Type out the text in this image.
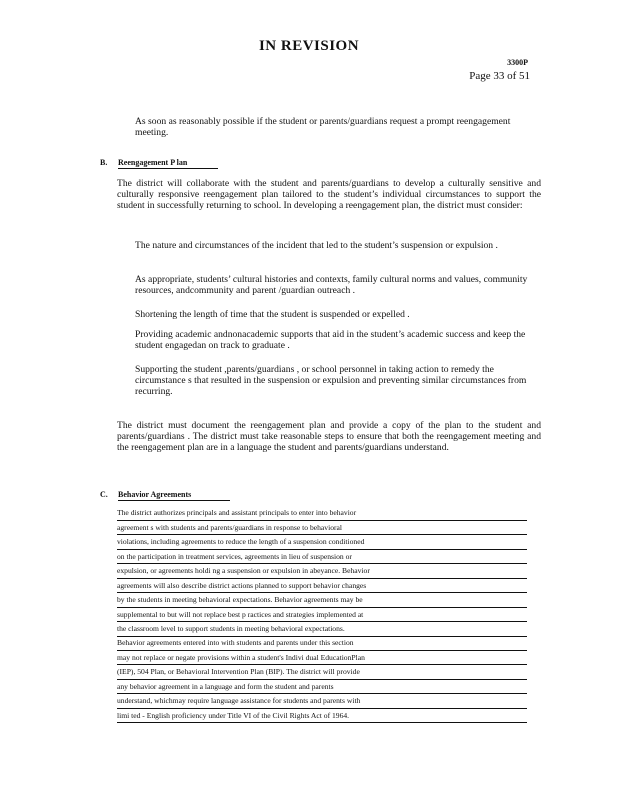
IN REVISION
3300P
Page 33 of 51
As soon as reasonably possible if the student or parents/guardians request a prompt reengagement meeting.
B. Reengagement P lan
The district will collaborate with the student and parents/guardians to develop a culturally sensitive and culturally responsive reengagement plan tailored to the student’s individual circumstances to support the student in successfully returning to school. In developing a reengagement plan, the district must consider:
The nature and circumstances of the incident that led to the student’s suspension or expulsion .
As appropriate, students’ cultural histories and contexts, family cultural norms and values, community resources, andcommunity and parent /guardian outreach .
Shortening the length of time that the student is suspended or expelled .
Providing academic andnonacademic supports that aid in the student’s academic success and keep the student engagedan on track to graduate .
Supporting the student ,parents/guardians , or school personnel in taking action to remedy the circumstance s that resulted in the suspension or expulsion and preventing similar circumstances from recurring.
The district must document the reengagement plan and provide a copy of the plan to the student and parents/guardians . The district must take reasonable steps to ensure that both the reengagement meeting and the reengagement plan are in a language the student and parents/guardians understand.
C. Behavior Agreements
The district authorizes principals and assistant principals to enter into behavior
agreement s with students and parents/guardians in response to behavioral
violations, including agreements to reduce the length of a suspension conditioned
on the participation in treatment services, agreements in lieu of suspension or
expulsion, or agreements holdi ng a suspension or expulsion in abeyance. Behavior
agreements will also describe district actions planned to support behavior changes
by the students in meeting behavioral expectations. Behavior agreements may be
supplemental to but will not replace best p ractices and strategies implemented at
the classroom level to support students in meeting behavioral expectations.
Behavior agreements entered into with students and parents under this section
may not replace or negate provisions within a student's Indivi dual EducationPlan
(IEP), 504 Plan, or Behavioral Intervention Plan (BIP). The district will provide
any behavior agreement in a language and form the student and parents
understand, whichmay require language assistance for students and parents with
limi ted - English proficiency under Title VI of the Civil Rights Act of 1964.
